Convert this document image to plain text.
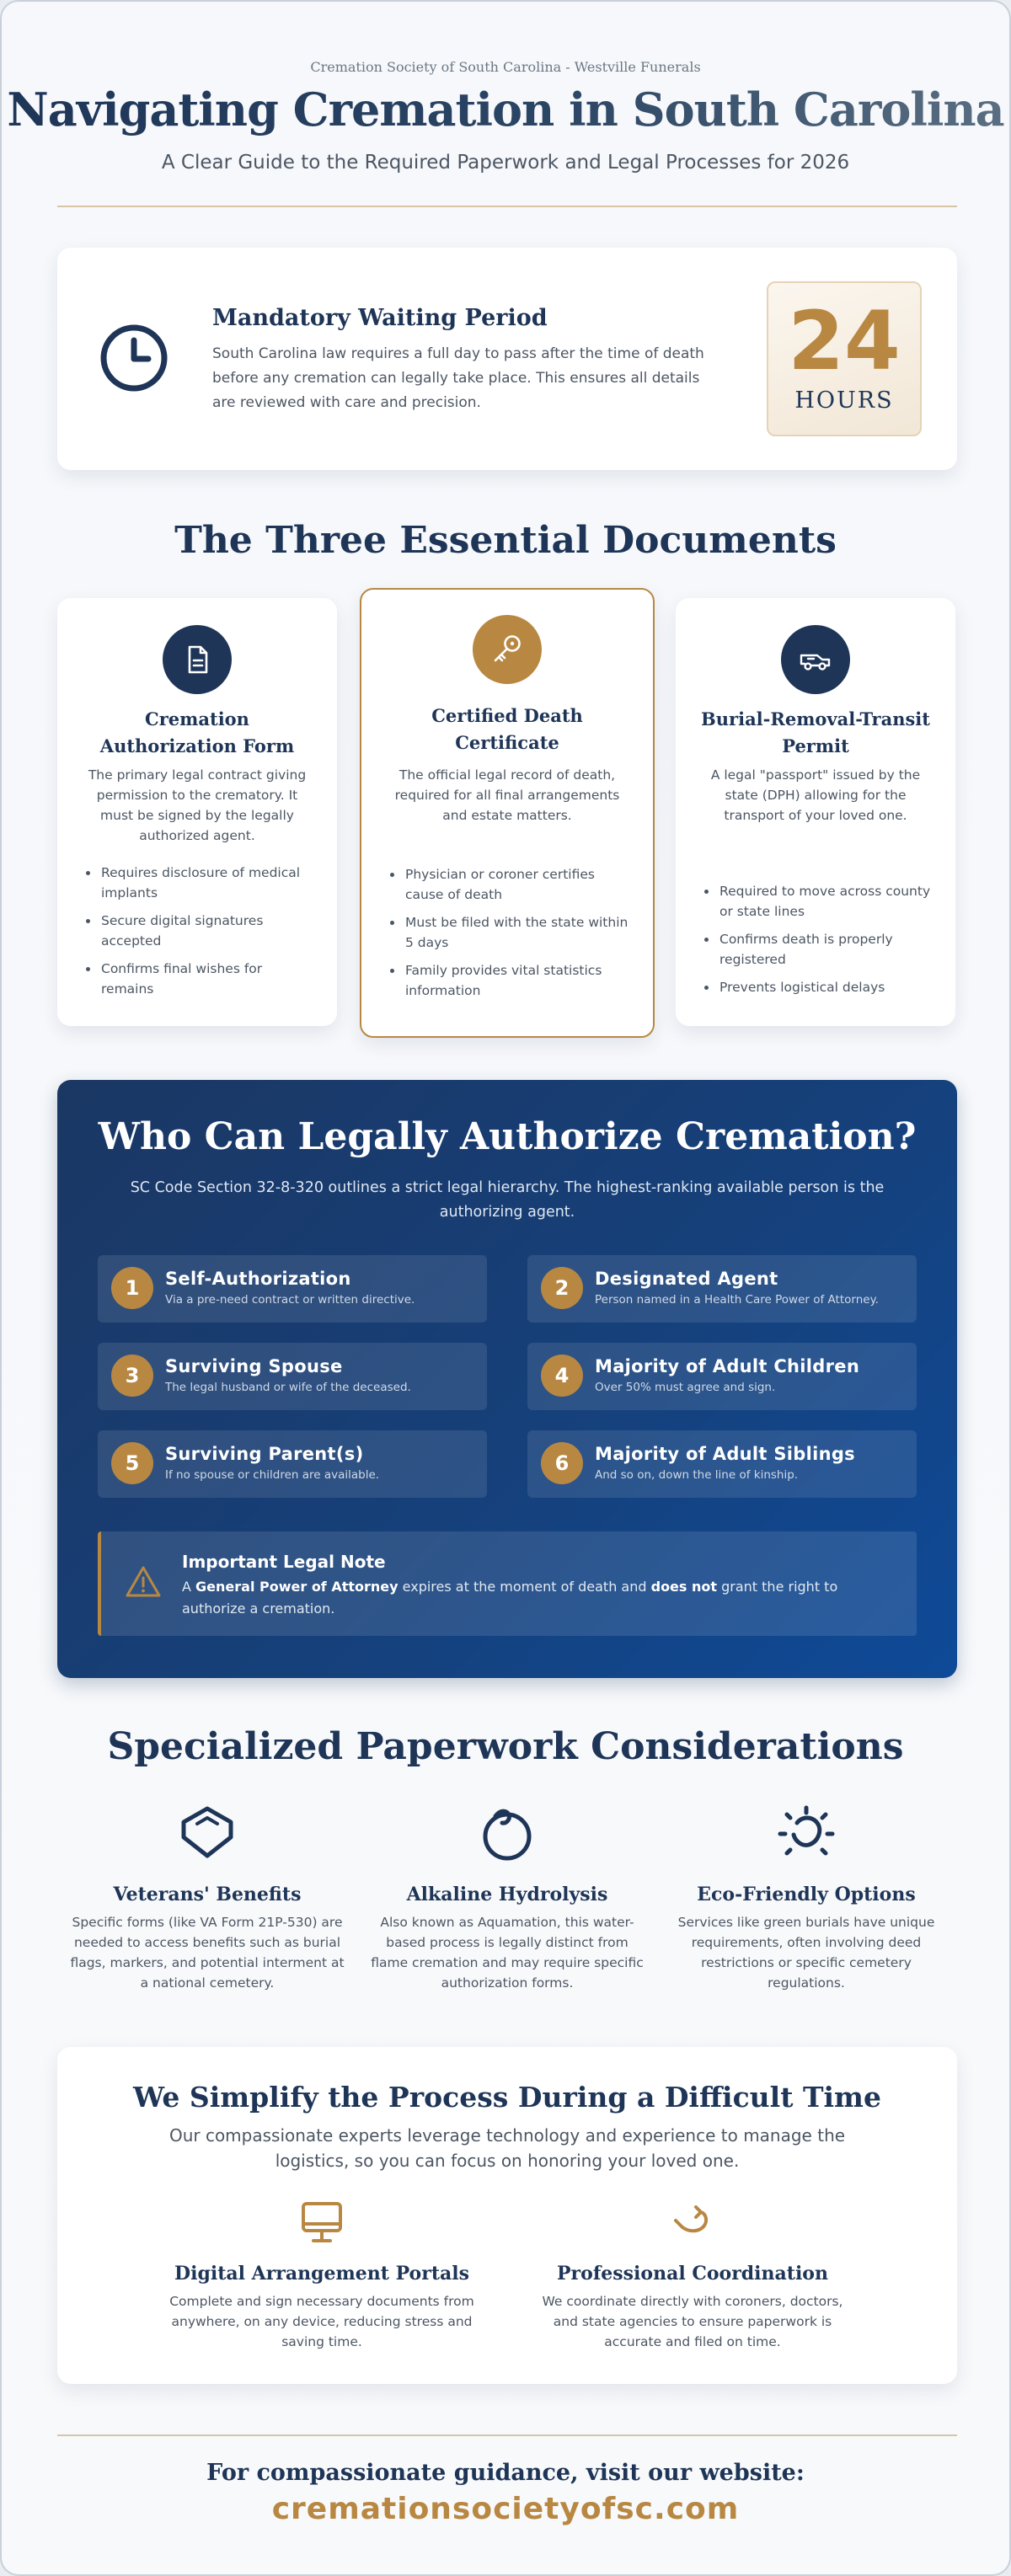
Cremation Society of South Carolina - Westville Funerals
Navigating Cremation in South Carolina
A Clear Guide to the Required Paperwork and Legal Processes for 2026
Mandatory Waiting Period
South Carolina law requires a full day to pass after the time of death before any cremation can legally take place. This ensures all details are reviewed with care and precision.
24
HOURS
The Three Essential Documents
Cremation Authorization Form
The primary legal contract giving permission to the crematory. It must be signed by the legally authorized agent.
Requires disclosure of medical implants
Secure digital signatures accepted
Confirms final wishes for remains
Certified Death Certificate
The official legal record of death, required for all final arrangements and estate matters.
Physician or coroner certifies cause of death
Must be filed with the state within 5 days
Family provides vital statistics information
Burial-Removal-Transit Permit
A legal "passport" issued by the state (DPH) allowing for the transport of your loved one.
Required to move across county or state lines
Confirms death is properly registered
Prevents logistical delays
Who Can Legally Authorize Cremation?
SC Code Section 32-8-320 outlines a strict legal hierarchy. The highest-ranking available person is the authorizing agent.
1	Self-Authorization
Via a pre-need contract or written directive.	2	Designated Agent
Person named in a Health Care Power of Attorney.
3	Surviving Spouse
The legal husband or wife of the deceased.	4	Majority of Adult Children
Over 50% must agree and sign.
5	Surviving Parent(s)
If no spouse or children are available.	6	Majority of Adult Siblings
And so on, down the line of kinship.
Important Legal Note
A General Power of Attorney expires at the moment of death and does not grant the right to authorize a cremation.
Specialized Paperwork Considerations
Veterans' Benefits
Specific forms (like VA Form 21P-530) are needed to access benefits such as burial flags, markers, and potential interment at a national cemetery.
Alkaline Hydrolysis
Also known as Aquamation, this water-based process is legally distinct from flame cremation and may require specific authorization forms.
Eco-Friendly Options
Services like green burials have unique requirements, often involving deed restrictions or specific cemetery regulations.
We Simplify the Process During a Difficult Time
Our compassionate experts leverage technology and experience to manage the logistics, so you can focus on honoring your loved one.
Digital Arrangement Portals
Complete and sign necessary documents from anywhere, on any device, reducing stress and saving time.
Professional Coordination
We coordinate directly with coroners, doctors, and state agencies to ensure paperwork is accurate and filed on time.
For compassionate guidance, visit our website:
cremationsocietyofsc.com
